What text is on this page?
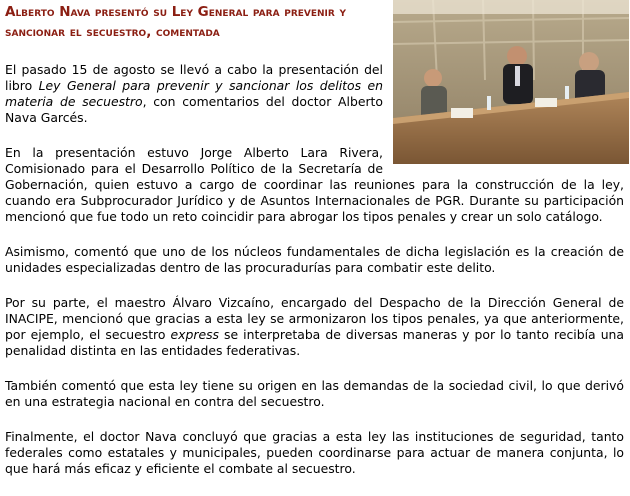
Alberto Nava presentó su Ley General para prevenir y sancionar el secuestro, comentada

El pasado 15 de agosto se llevó a cabo la presentación del libro Ley General para prevenir y sancionar los delitos en materia de secuestro, con comentarios del doctor Alberto Nava Garcés.

En la presentación estuvo Jorge Alberto Lara Rivera, Comisionado para el Desarrollo Político de la Secretaría de Gobernación, quien estuvo a cargo de coordinar las reuniones para la construcción de la ley, cuando era Subprocurador Jurídico y de Asuntos Internacionales de PGR. Durante su participación mencionó que fue todo un reto coincidir para abrogar los tipos penales y crear un solo catálogo.

Asimismo, comentó que uno de los núcleos fundamentales de dicha legislación es la creación de unidades especializadas dentro de las procuradurías para combatir este delito.

Por su parte, el maestro Álvaro Vizcaíno, encargado del Despacho de la Dirección General de INACIPE, mencionó que gracias a esta ley se armonizaron los tipos penales, ya que anteriormente, por ejemplo, el secuestro express se interpretaba de diversas maneras y por lo tanto recibía una penalidad distinta en las entidades federativas.

También comentó que esta ley tiene su origen en las demandas de la sociedad civil, lo que derivó en una estrategia nacional en contra del secuestro.

Finalmente, el doctor Nava concluyó que gracias a esta ley las instituciones de seguridad, tanto federales como estatales y municipales, pueden coordinarse para actuar de manera conjunta, lo que hará más eficaz y eficiente el combate al secuestro.
